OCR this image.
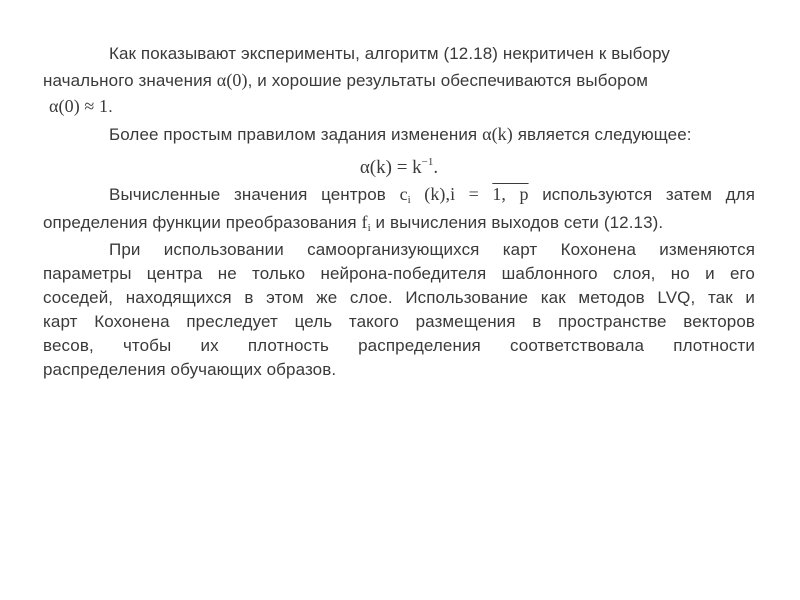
Как показывают эксперименты, алгоритм (12.18) некритичен к выбору
начального значения α(0), и хорошие результаты обеспечиваются выбором
α(0) ≈ 1.
Более простым правилом задания изменения α(k) является следующее:
$\alpha(k) = k^{-1}$.
Вычисленные значения центров $c_i$ (k),i = 1, p используются затем для
определения функции преобразования $f_i$ и вычисления выходов сети (12.13).
При использовании самоорганизующихся карт Кохонена изменяются
параметры центра не только нейрона-победителя шаблонного слоя, но и его
соседей, находящихся в этом же слое. Использование как методов LVQ, так и
карт Кохонена преследует цель такого размещения в пространстве векторов
весов, чтобы их плотность распределения соответствовала плотности
распределения обучающих образов.
